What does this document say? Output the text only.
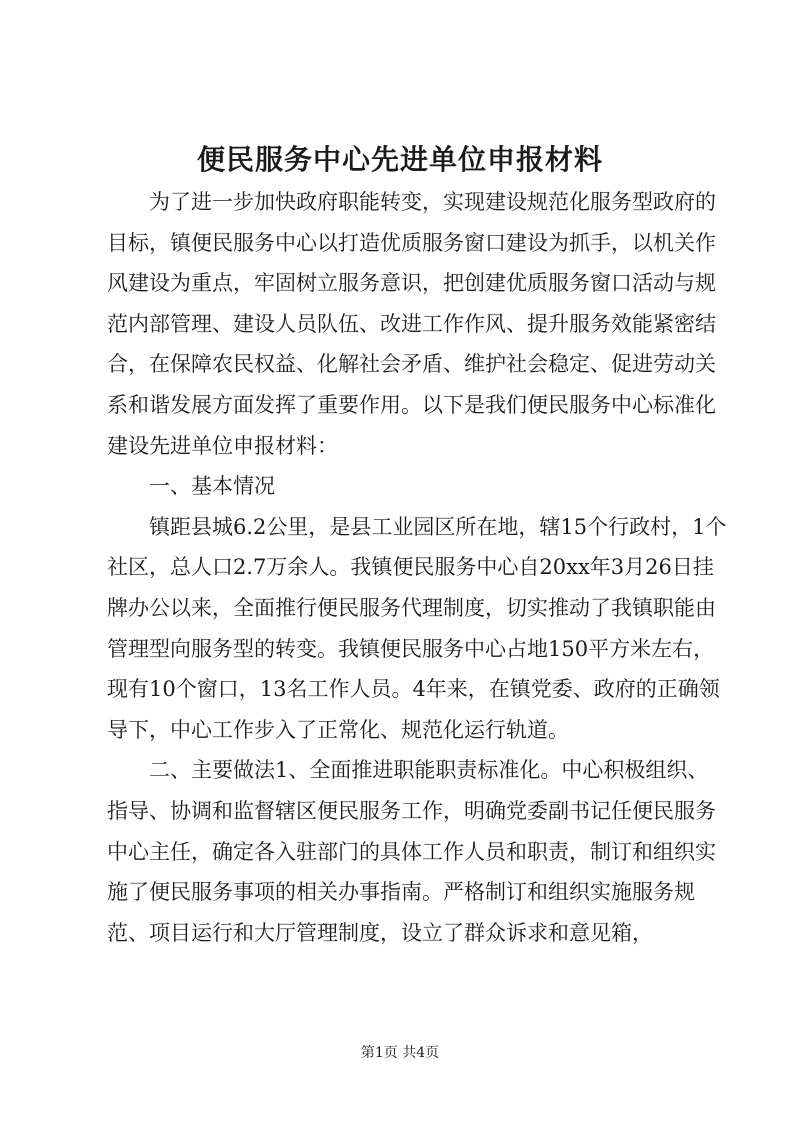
便民服务中心先进单位申报材料

为了进一步加快政府职能转变，实现建设规范化服务型政府的目标，镇便民服务中心以打造优质服务窗口建设为抓手，以机关作风建设为重点，牢固树立服务意识，把创建优质服务窗口活动与规范内部管理、建设人员队伍、改进工作作风、提升服务效能紧密结合，在保障农民权益、化解社会矛盾、维护社会稳定、促进劳动关系和谐发展方面发挥了重要作用。以下是我们便民服务中心标准化建设先进单位申报材料：

一、基本情况

镇距县城6.2公里，是县工业园区所在地，辖15个行政村，1个社区，总人口2.7万余人。我镇便民服务中心自20xx年3月26日挂牌办公以来，全面推行便民服务代理制度，切实推动了我镇职能由管理型向服务型的转变。我镇便民服务中心占地150平方米左右，现有10个窗口，13名工作人员。4年来，在镇党委、政府的正确领导下，中心工作步入了正常化、规范化运行轨道。

二、主要做法1、全面推进职能职责标准化。中心积极组织、指导、协调和监督辖区便民服务工作，明确党委副书记任便民服务中心主任，确定各入驻部门的具体工作人员和职责，制订和组织实施了便民服务事项的相关办事指南。严格制订和组织实施服务规范、项目运行和大厅管理制度，设立了群众诉求和意见箱，

第1页 共4页
